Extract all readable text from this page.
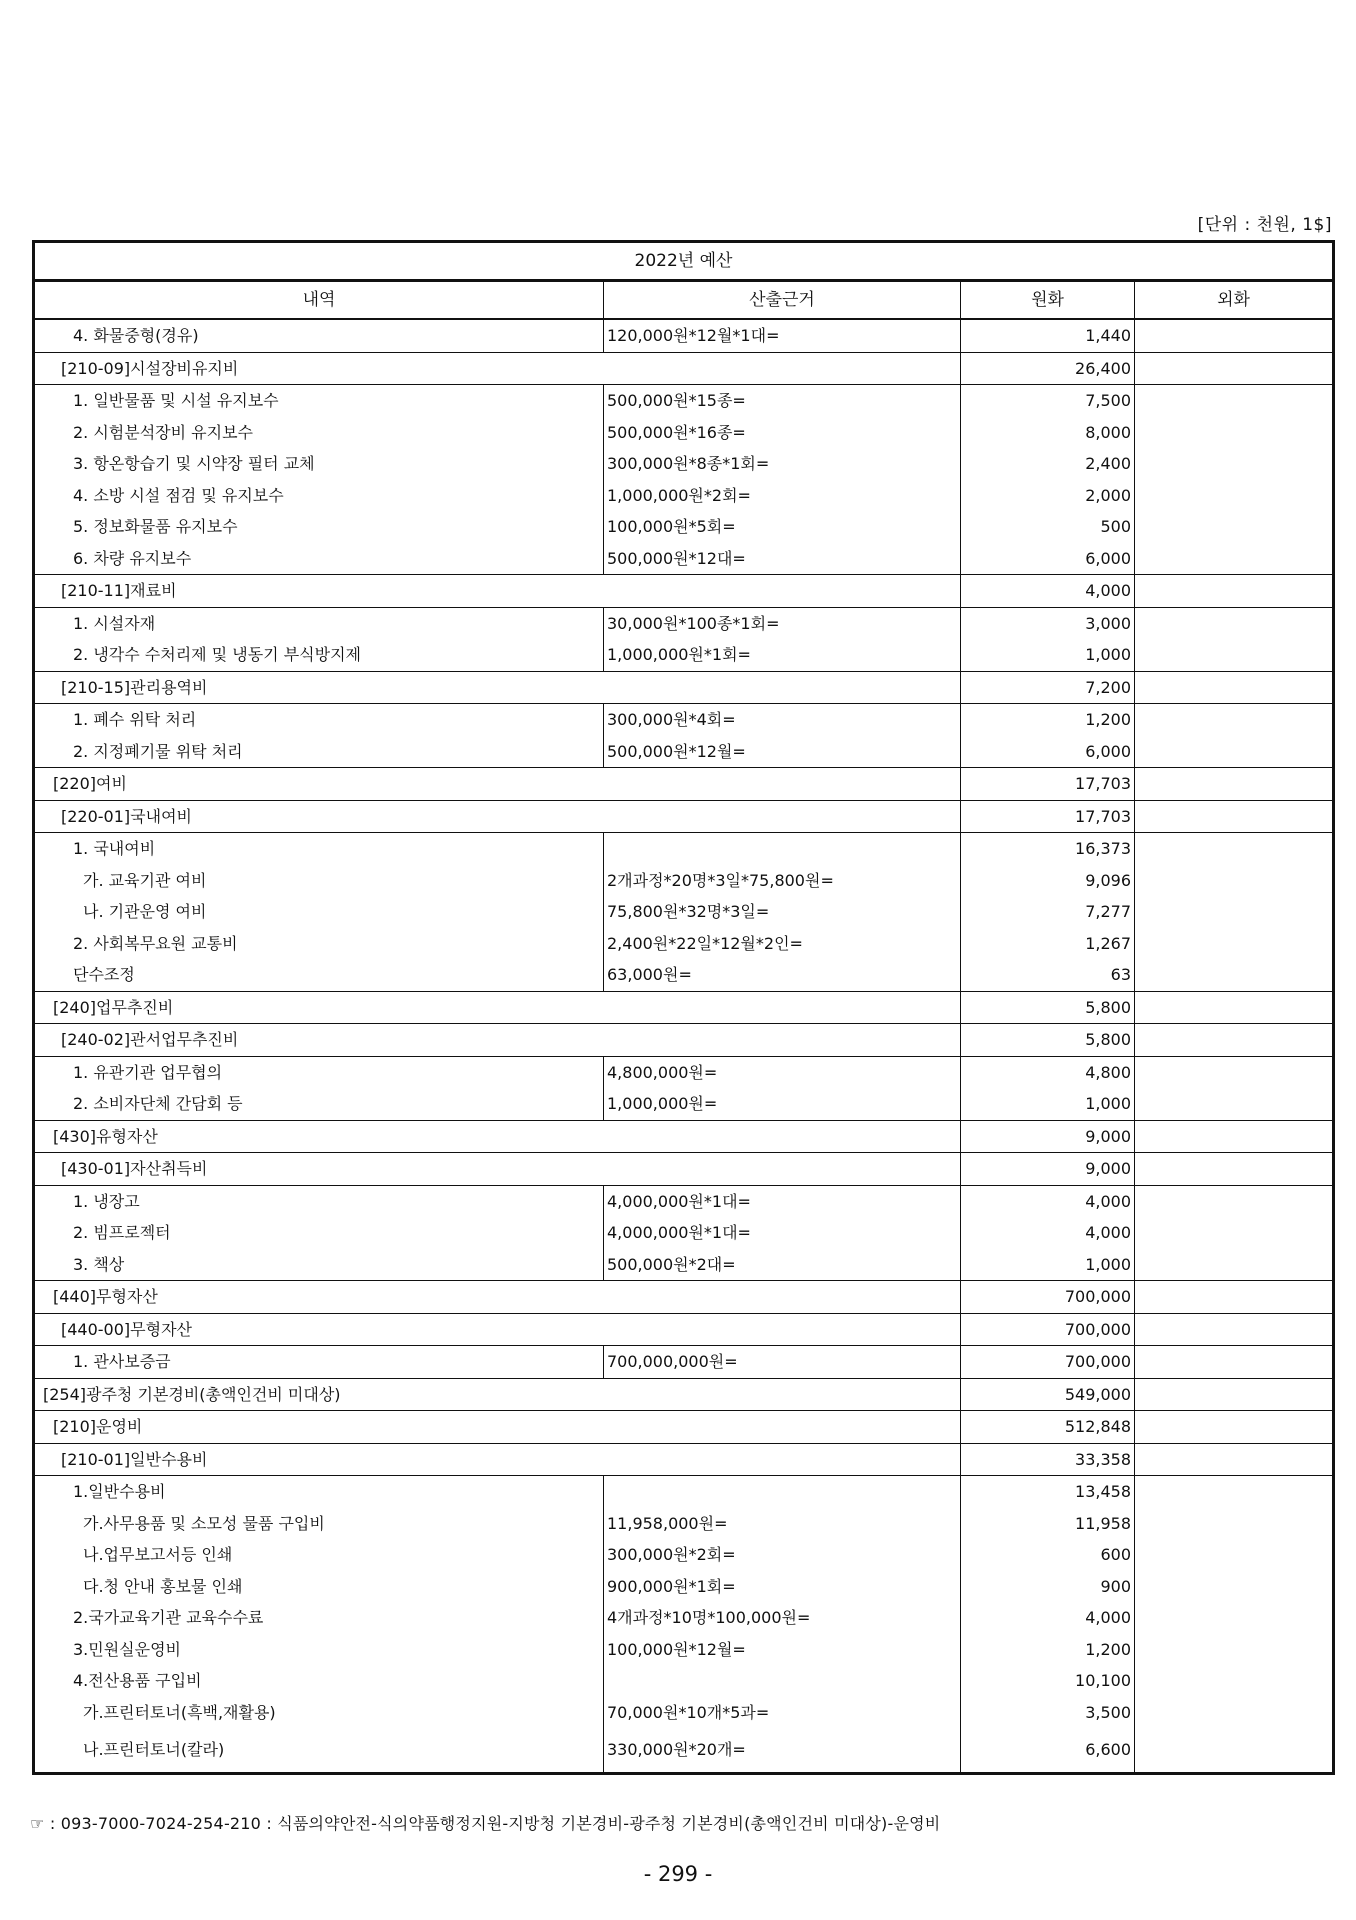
[단위 : 천원, 1$]
2022년 예산			
내역	산출근거	원화	외화
4. 화물중형(경유)	120,000원*12월*1대=	1,440	
[210-09]시설장비유지비		26,400	
1. 일반물품 및 시설 유지보수	500,000원*15종=	7,500	
2. 시험분석장비 유지보수	500,000원*16종=	8,000	
3. 항온항습기 및 시약장 필터 교체	300,000원*8종*1회=	2,400	
4. 소방 시설 점검 및 유지보수	1,000,000원*2회=	2,000	
5. 정보화물품 유지보수	100,000원*5회=	500	
6. 차량 유지보수	500,000원*12대=	6,000	
[210-11]재료비		4,000	
1. 시설자재	30,000원*100종*1회=	3,000	
2. 냉각수 수처리제 및 냉동기 부식방지제	1,000,000원*1회=	1,000	
[210-15]관리용역비		7,200	
1. 폐수 위탁 처리	300,000원*4회=	1,200	
2. 지정폐기물 위탁 처리	500,000원*12월=	6,000	
[220]여비		17,703	
[220-01]국내여비		17,703	
1. 국내여비		16,373	
가. 교육기관 여비	2개과정*20명*3일*75,800원=	9,096	
나. 기관운영 여비	75,800원*32명*3일=	7,277	
2. 사회복무요원 교통비	2,400원*22일*12월*2인=	1,267	
단수조정	63,000원=	63	
[240]업무추진비		5,800	
[240-02]관서업무추진비		5,800	
1. 유관기관 업무협의	4,800,000원=	4,800	
2. 소비자단체 간담회 등	1,000,000원=	1,000	
[430]유형자산		9,000	
[430-01]자산취득비		9,000	
1. 냉장고	4,000,000원*1대=	4,000	
2. 빔프로젝터	4,000,000원*1대=	4,000	
3. 책상	500,000원*2대=	1,000	
[440]무형자산		700,000	
[440-00]무형자산		700,000	
1. 관사보증금	700,000,000원=	700,000	
[254]광주청 기본경비(총액인건비 미대상)		549,000	
[210]운영비		512,848	
[210-01]일반수용비		33,358	
1.일반수용비		13,458	
가.사무용품 및 소모성 물품 구입비	11,958,000원=	11,958	
나.업무보고서등 인쇄	300,000원*2회=	600	
다.청 안내 홍보물 인쇄	900,000원*1회=	900	
2.국가교육기관 교육수수료	4개과정*10명*100,000원=	4,000	
3.민원실운영비	100,000원*12월=	1,200	
4.전산용품 구입비		10,100	
가.프린터토너(흑백,재활용)	70,000원*10개*5과=	3,500	
나.프린터토너(칼라)	330,000원*20개=	6,600	
☞ : 093-7000-7024-254-210 : 식품의약안전-식의약품행정지원-지방청 기본경비-광주청 기본경비(총액인건비 미대상)-운영비
- 299 -
